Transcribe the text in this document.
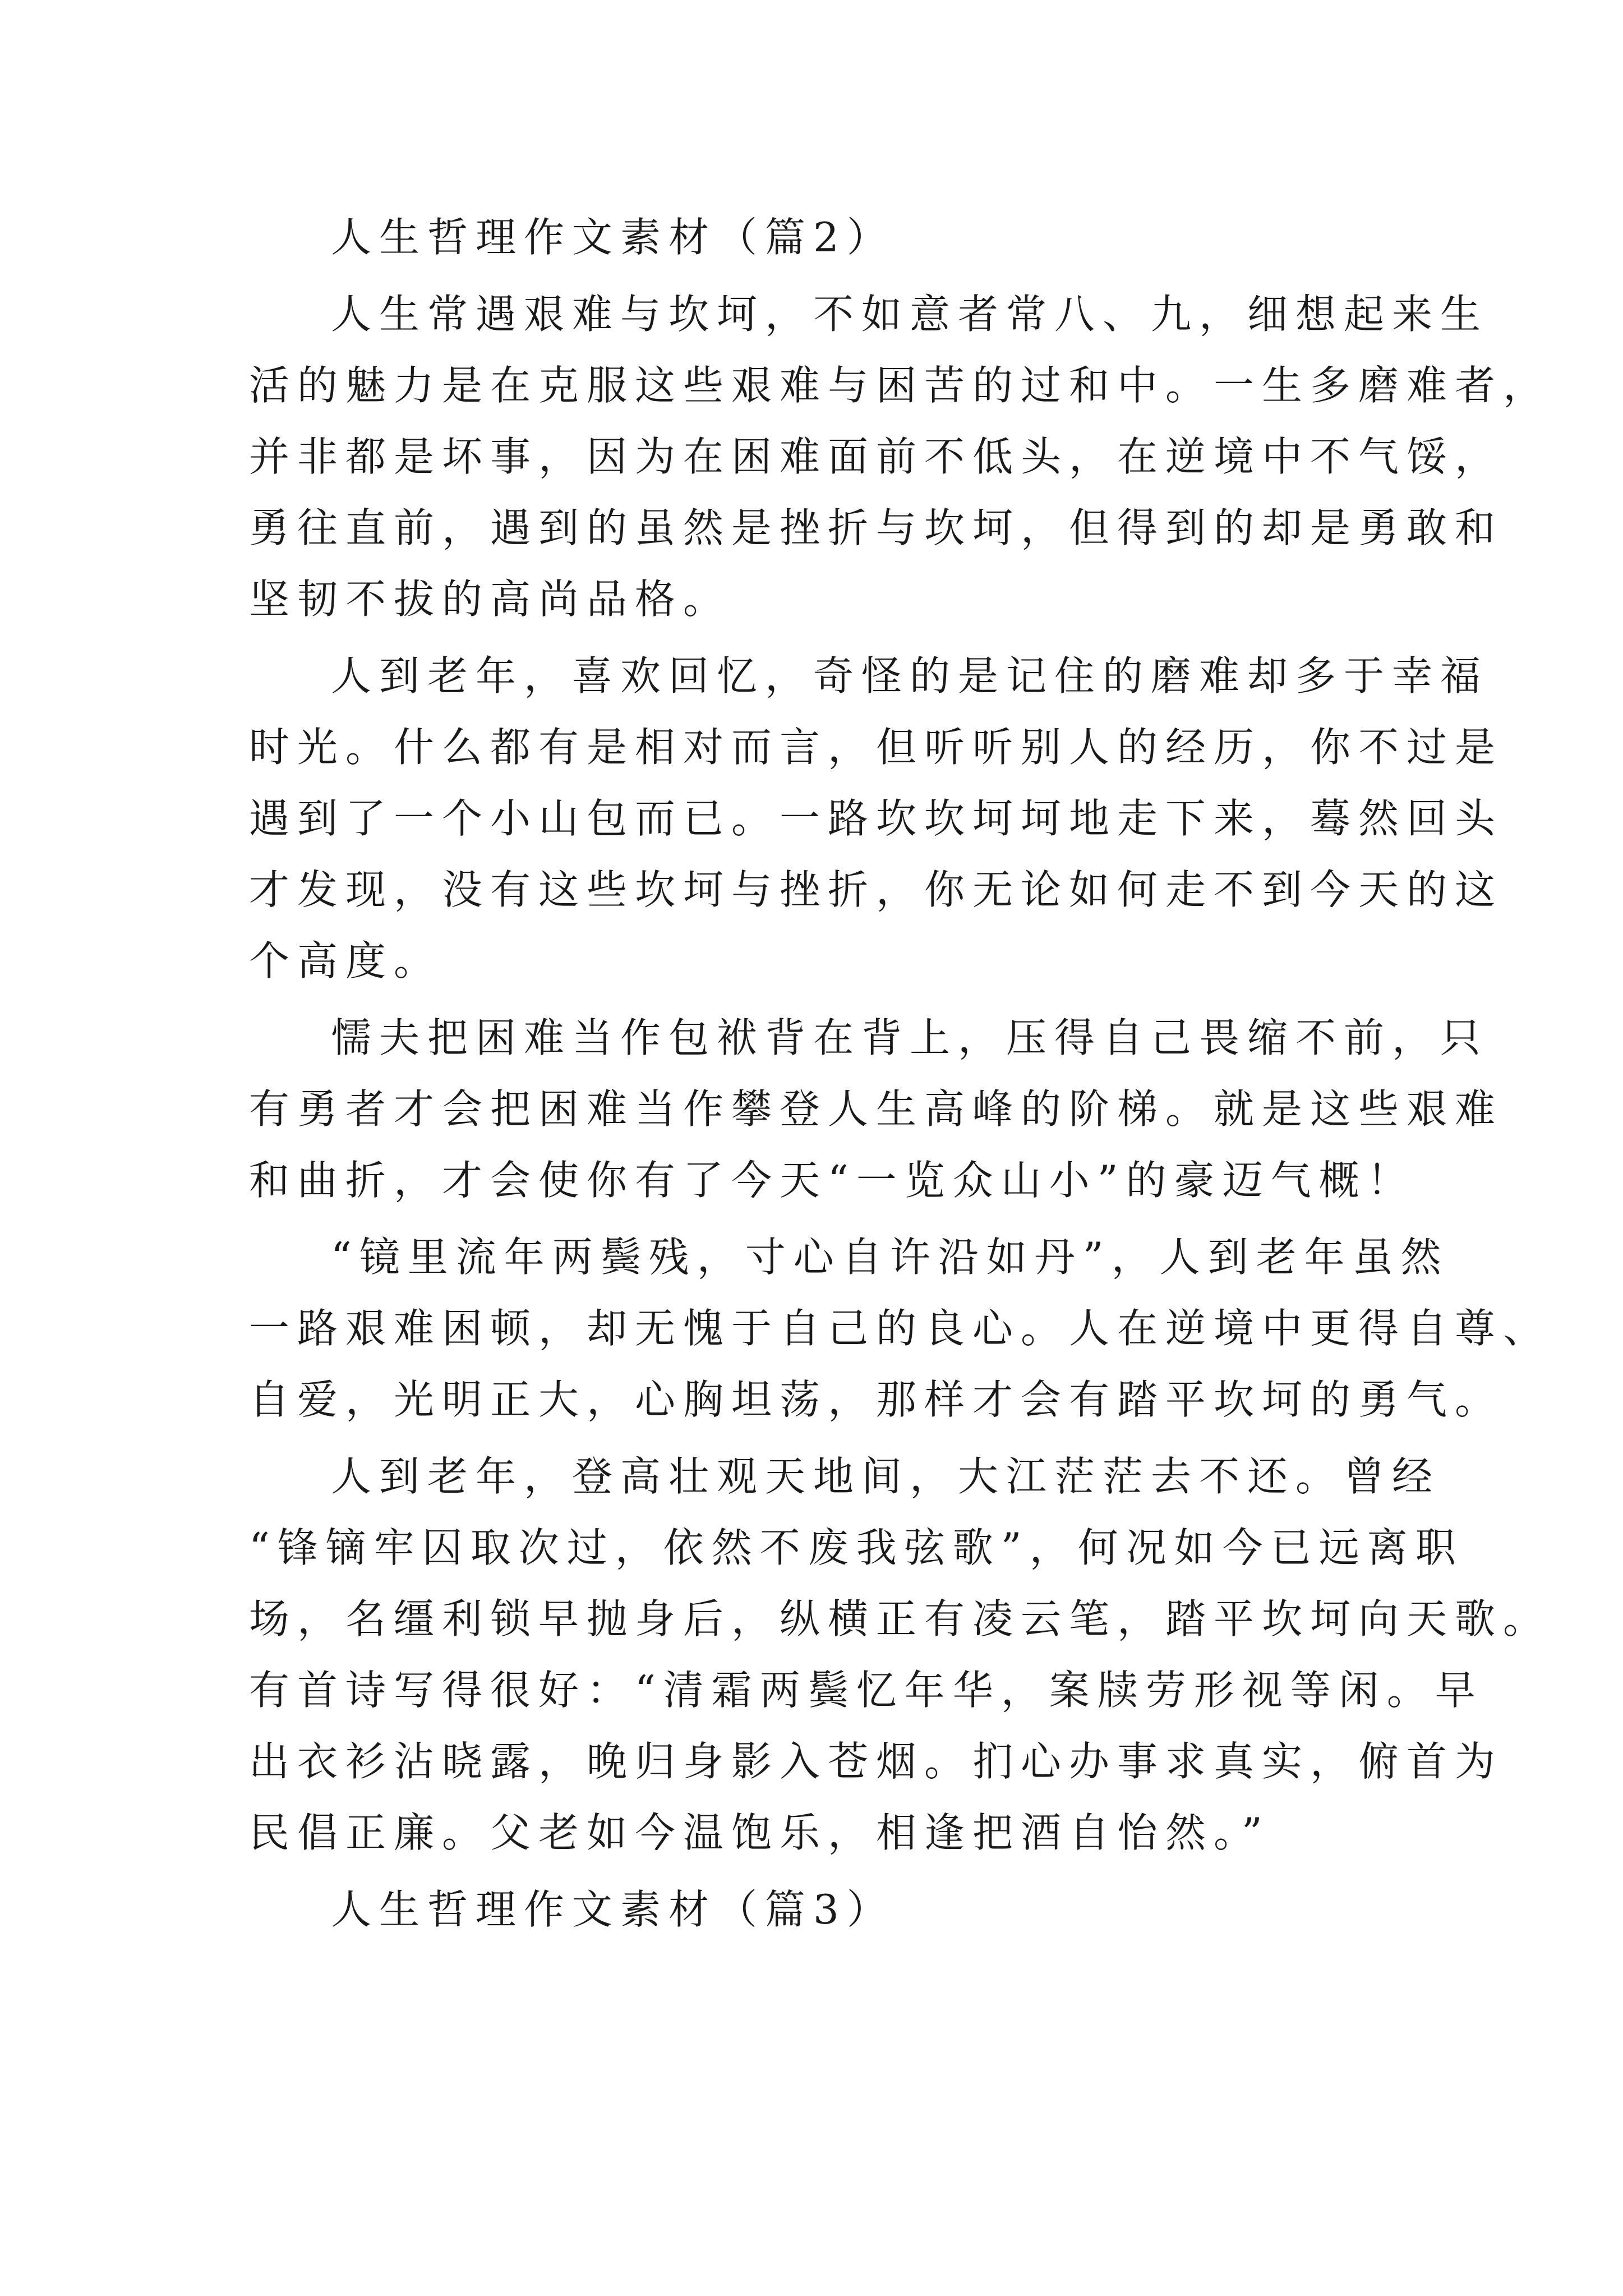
人生哲理作文素材（篇2）
人生常遇艰难与坎坷，不如意者常八、九，细想起来生
活的魅力是在克服这些艰难与困苦的过和中。一生多磨难者，
并非都是坏事，因为在困难面前不低头，在逆境中不气馁，
勇往直前，遇到的虽然是挫折与坎坷，但得到的却是勇敢和
坚韧不拔的高尚品格。
人到老年，喜欢回忆，奇怪的是记住的磨难却多于幸福
时光。什么都有是相对而言，但听听别人的经历，你不过是
遇到了一个小山包而已。一路坎坎坷坷地走下来，蓦然回头
才发现，没有这些坎坷与挫折，你无论如何走不到今天的这
个高度。
懦夫把困难当作包袱背在背上，压得自己畏缩不前，只
有勇者才会把困难当作攀登人生高峰的阶梯。就是这些艰难
和曲折，才会使你有了今天“一览众山小”的豪迈气概！
“镜里流年两鬓残，寸心自许沿如丹”，人到老年虽然
一路艰难困顿，却无愧于自己的良心。人在逆境中更得自尊、
自爱，光明正大，心胸坦荡，那样才会有踏平坎坷的勇气。
人到老年，登高壮观天地间，大江茫茫去不还。曾经
“锋镝牢囚取次过，依然不废我弦歌”，何况如今已远离职
场，名缰利锁早抛身后，纵横正有凌云笔，踏平坎坷向天歌。
有首诗写得很好：“清霜两鬓忆年华，案牍劳形视等闲。早
出衣衫沾晓露，晚归身影入苍烟。扪心办事求真实，俯首为
民倡正廉。父老如今温饱乐，相逢把酒自怡然。”
人生哲理作文素材（篇3）
